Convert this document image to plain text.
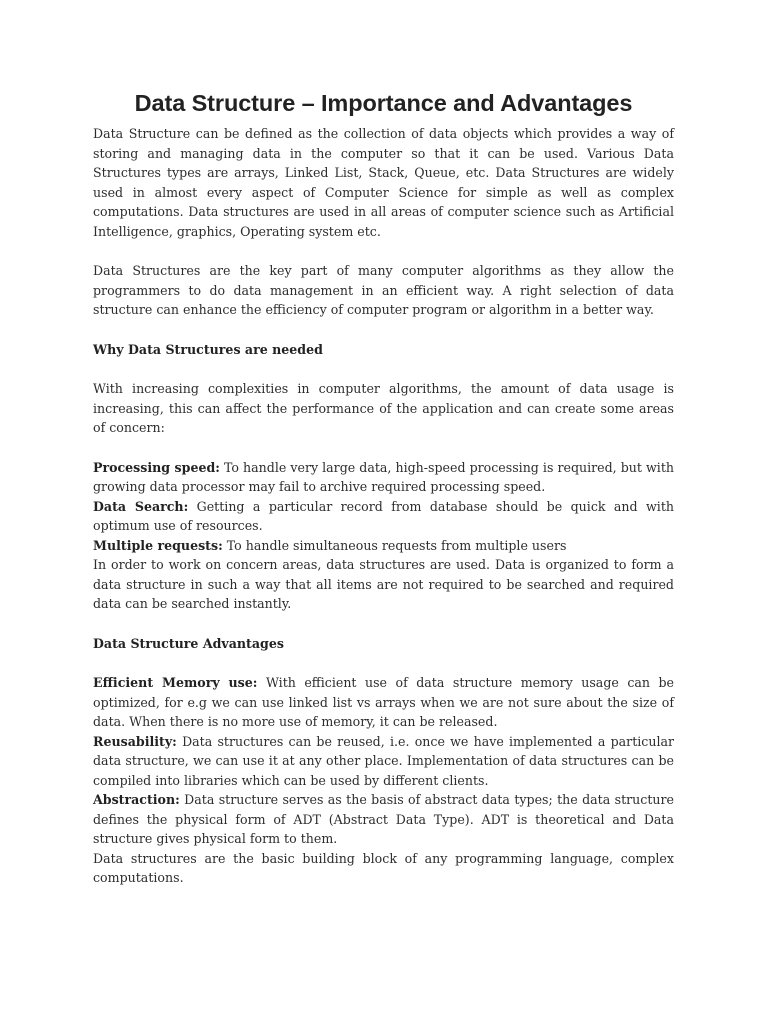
Data Structure – Importance and Advantages

Data Structure can be defined as the collection of data objects which provides a way of storing and managing data in the computer so that it can be used. Various Data Structures types are arrays, Linked List, Stack, Queue, etc. Data Structures are widely used in almost every aspect of Computer Science for simple as well as complex computations. Data structures are used in all areas of computer science such as Artificial Intelligence, graphics, Operating system etc.

Data Structures are the key part of many computer algorithms as they allow the programmers to do data management in an efficient way. A right selection of data structure can enhance the efficiency of computer program or algorithm in a better way.

Why Data Structures are needed

With increasing complexities in computer algorithms, the amount of data usage is increasing, this can affect the performance of the application and can create some areas of concern:

Processing speed: To handle very large data, high-speed processing is required, but with growing data processor may fail to archive required processing speed.

Data Search: Getting a particular record from database should be quick and with optimum use of resources.

Multiple requests: To handle simultaneous requests from multiple users

In order to work on concern areas, data structures are used. Data is organized to form a data structure in such a way that all items are not required to be searched and required data can be searched instantly.

Data Structure Advantages

Efficient Memory use: With efficient use of data structure memory usage can be optimized, for e.g we can use linked list vs arrays when we are not sure about the size of data. When there is no more use of memory, it can be released.

Reusability: Data structures can be reused, i.e. once we have implemented a particular data structure, we can use it at any other place. Implementation of data structures can be compiled into libraries which can be used by different clients.

Abstraction: Data structure serves as the basis of abstract data types; the data structure defines the physical form of ADT (Abstract Data Type). ADT is theoretical and Data structure gives physical form to them.

Data structures are the basic building block of any programming language, complex computations.
